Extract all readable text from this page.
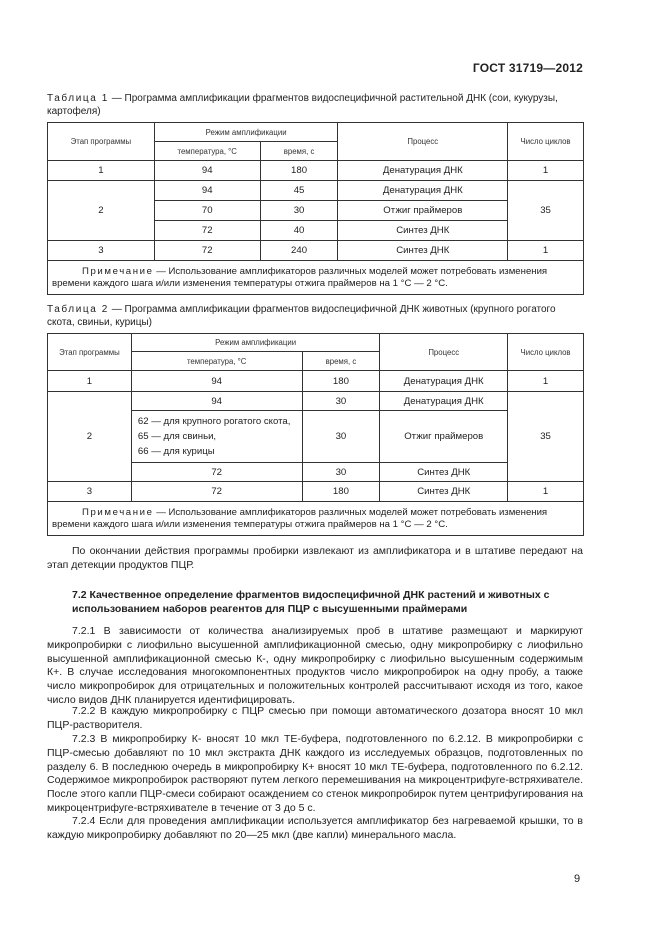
ГОСТ 31719—2012
Таблица 1 — Программа амплификации фрагментов видоспецифичной растительной ДНК (сои, кукурузы, картофеля)
Этап программы	Режим амплификации		Процесс	Число циклов
	температура, °С	время, с		
1	94	180	Денатурация ДНК	1
2	94	45	Денатурация ДНК	35
	70	30	Отжиг праймеров	
	72	40	Синтез ДНК	
3	72	240	Синтез ДНК	1
Примечание — Использование амплификаторов различных моделей может потребовать изменения времени каждого шага и/или изменения температуры отжига праймеров на 1 °С — 2 °С.				
Таблица 2 — Программа амплификации фрагментов видоспецифичной ДНК животных (крупного рогатого скота, свиньи, курицы)
Этап программы	Режим амплификации		Процесс	Число циклов
	температура, °С	время, с		
1	94	180	Денатурация ДНК	1
2	94	30	Денатурация ДНК	35

	62 — для крупного рогатого скота,
65 — для свиньи,
66 — для курицы	30	Отжиг праймеров	
	72	30	Синтез ДНК	
3	72	180	Синтез ДНК	1
Примечание — Использование амплификаторов различных моделей может потребовать изменения времени каждого шага и/или изменения температуры отжига праймеров на 1 °С — 2 °С.				
По окончании действия программы пробирки извлекают из амплификатора и в штативе передают на этап детекции продуктов ПЦР.
7.2 Качественное определение фрагментов видоспецифичной ДНК растений и животных с использованием наборов реагентов для ПЦР с высушенными праймерами
7.2.1 В зависимости от количества анализируемых проб в штативе размещают и маркируют микропробирки с лиофильно высушенной амплификационной смесью, одну микропробирку с лиофильно высушенной амплификационной смесью К-, одну микропробирку с лиофильно высушенным содержимым К+. В случае исследования многокомпонентных продуктов число микропробирок на одну пробу, а также число микропробирок для отрицательных и положительных контролей рассчитывают исходя из того, какое число видов ДНК планируется идентифицировать.
7.2.2 В каждую микропробирку с ПЦР смесью при помощи автоматического дозатора вносят 10 мкл ПЦР-растворителя.
7.2.3 В микропробирку К- вносят 10 мкл ТЕ-буфера, подготовленного по 6.2.12. В микропробирки с ПЦР-смесью добавляют по 10 мкл экстракта ДНК каждого из исследуемых образцов, подготовленных по разделу 6. В последнюю очередь в микропробирку К+ вносят 10 мкл ТЕ-буфера, подготовленного по 6.2.12. Содержимое микропробирок растворяют путем легкого перемешивания на микроцентрифуге-встряхивателе. После этого капли ПЦР-смеси собирают осаждением со стенок микропробирок путем центрифугирования на микроцентрифуге-встряхивателе в течение от 3 до 5 с.
7.2.4 Если для проведения амплификации используется амплификатор без нагреваемой крышки, то в каждую микропробирку добавляют по 20—25 мкл (две капли) минерального масла.
9
